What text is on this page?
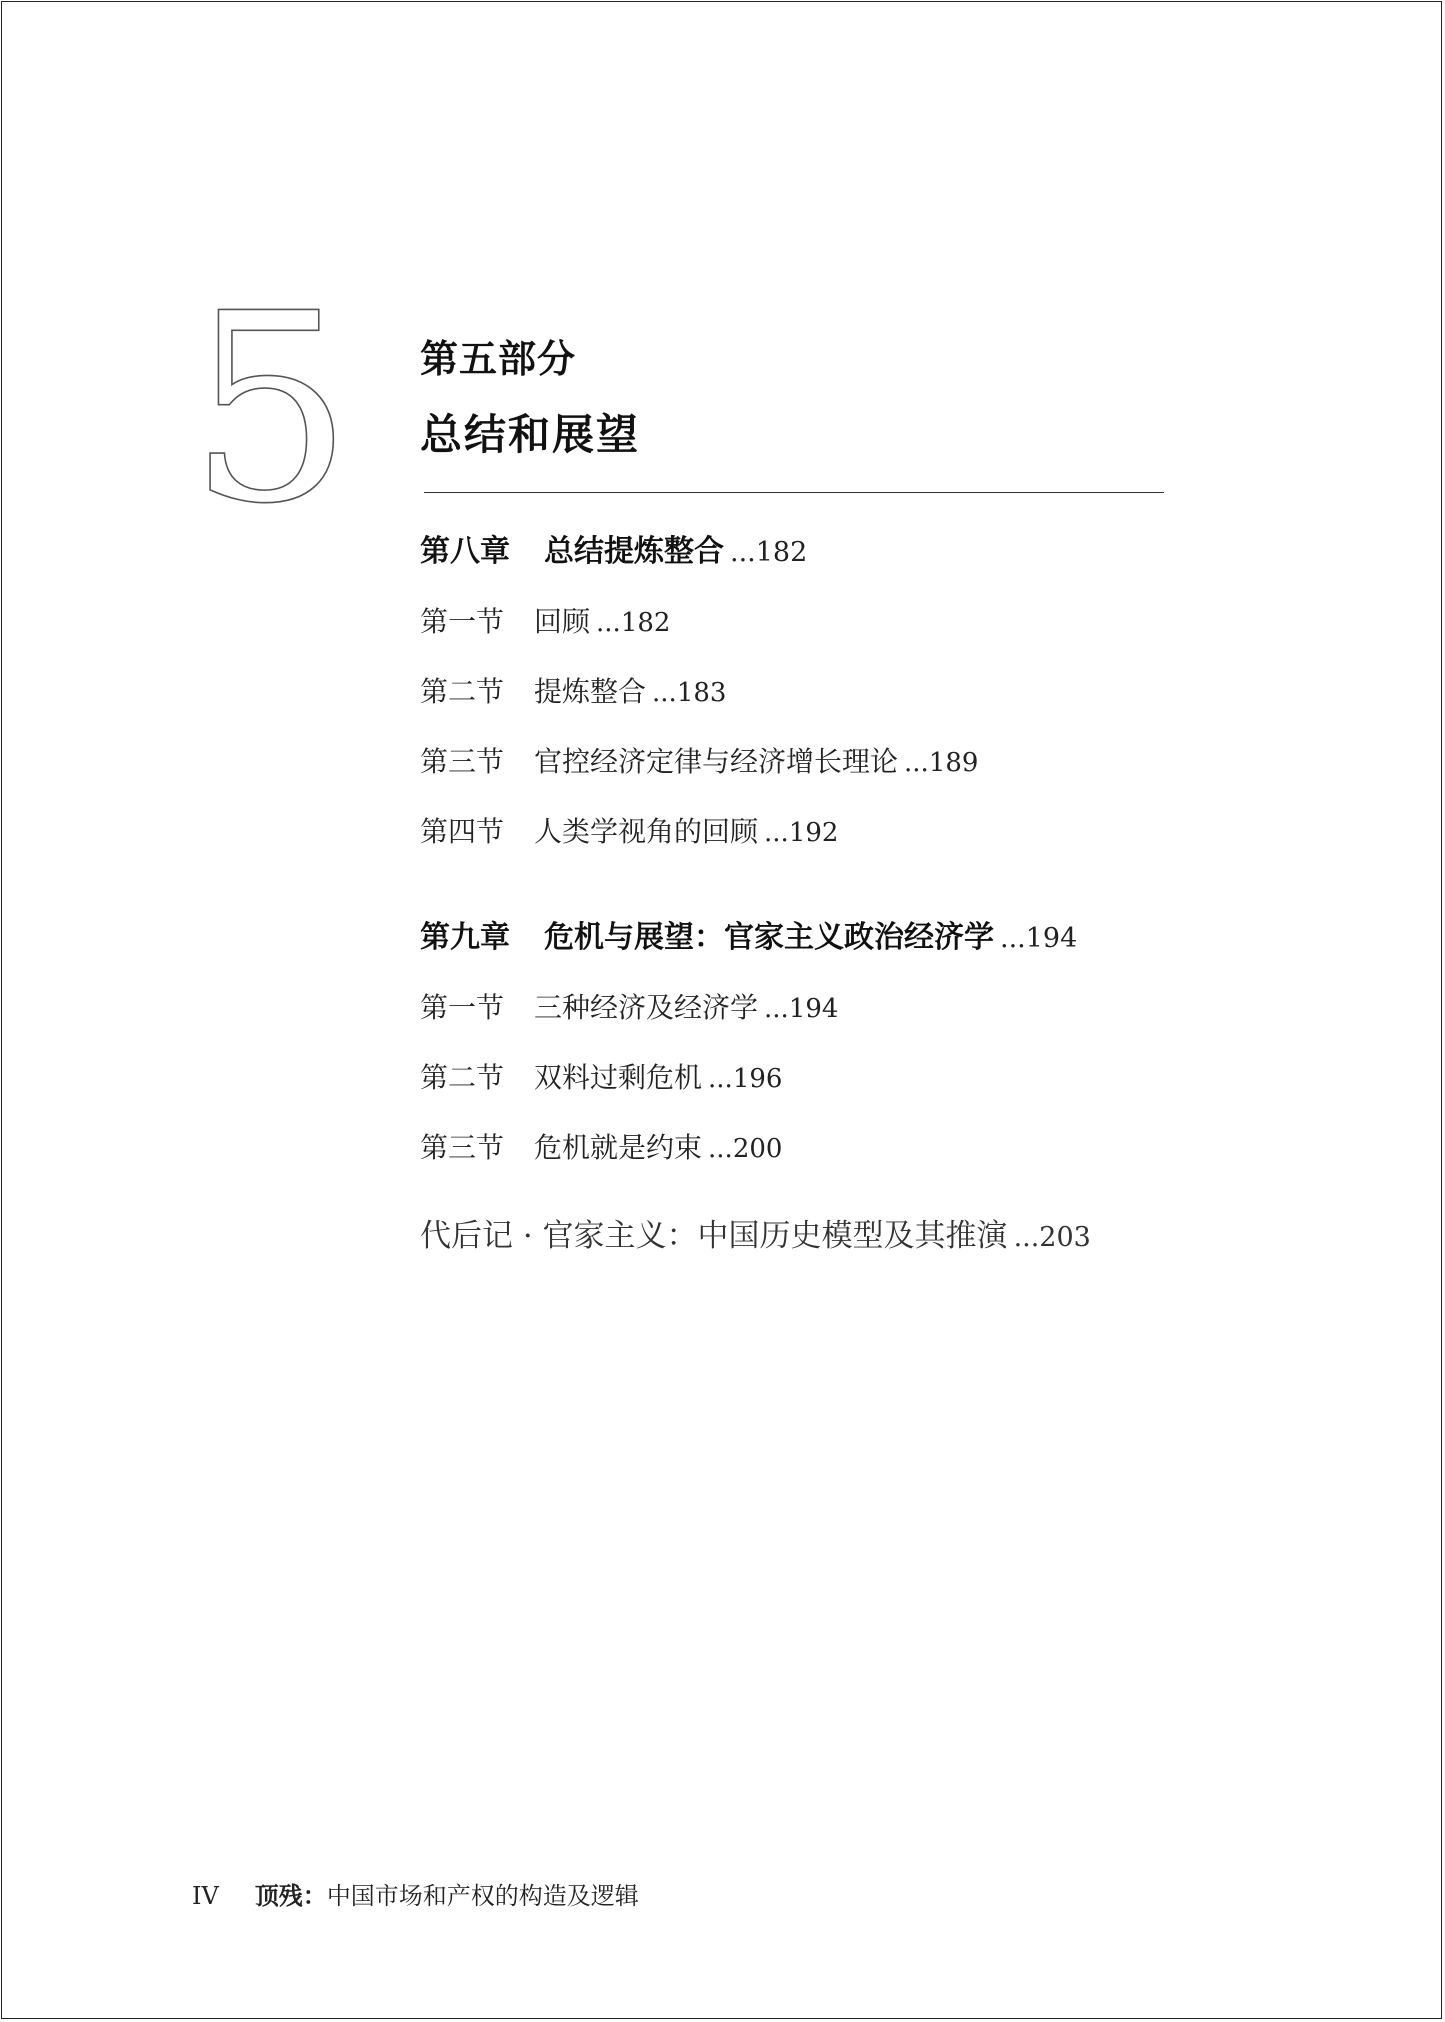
5 第五部分
总结和展望
第八章 总结提炼整合 ...182
第一节 回顾 ...182
第二节 提炼整合 ...183
第三节 官控经济定律与经济增长理论 ...189
第四节 人类学视角的回顾 ...192
第九章 危机与展望：官家主义政治经济学 ...194
第一节 三种经济及经济学 ...194
第二节 双料过剩危机 ...196
第三节 危机就是约束 ...200
代后记 · 官家主义：中国历史模型及其推演 ...203
IV 顶残：中国市场和产权的构造及逻辑
